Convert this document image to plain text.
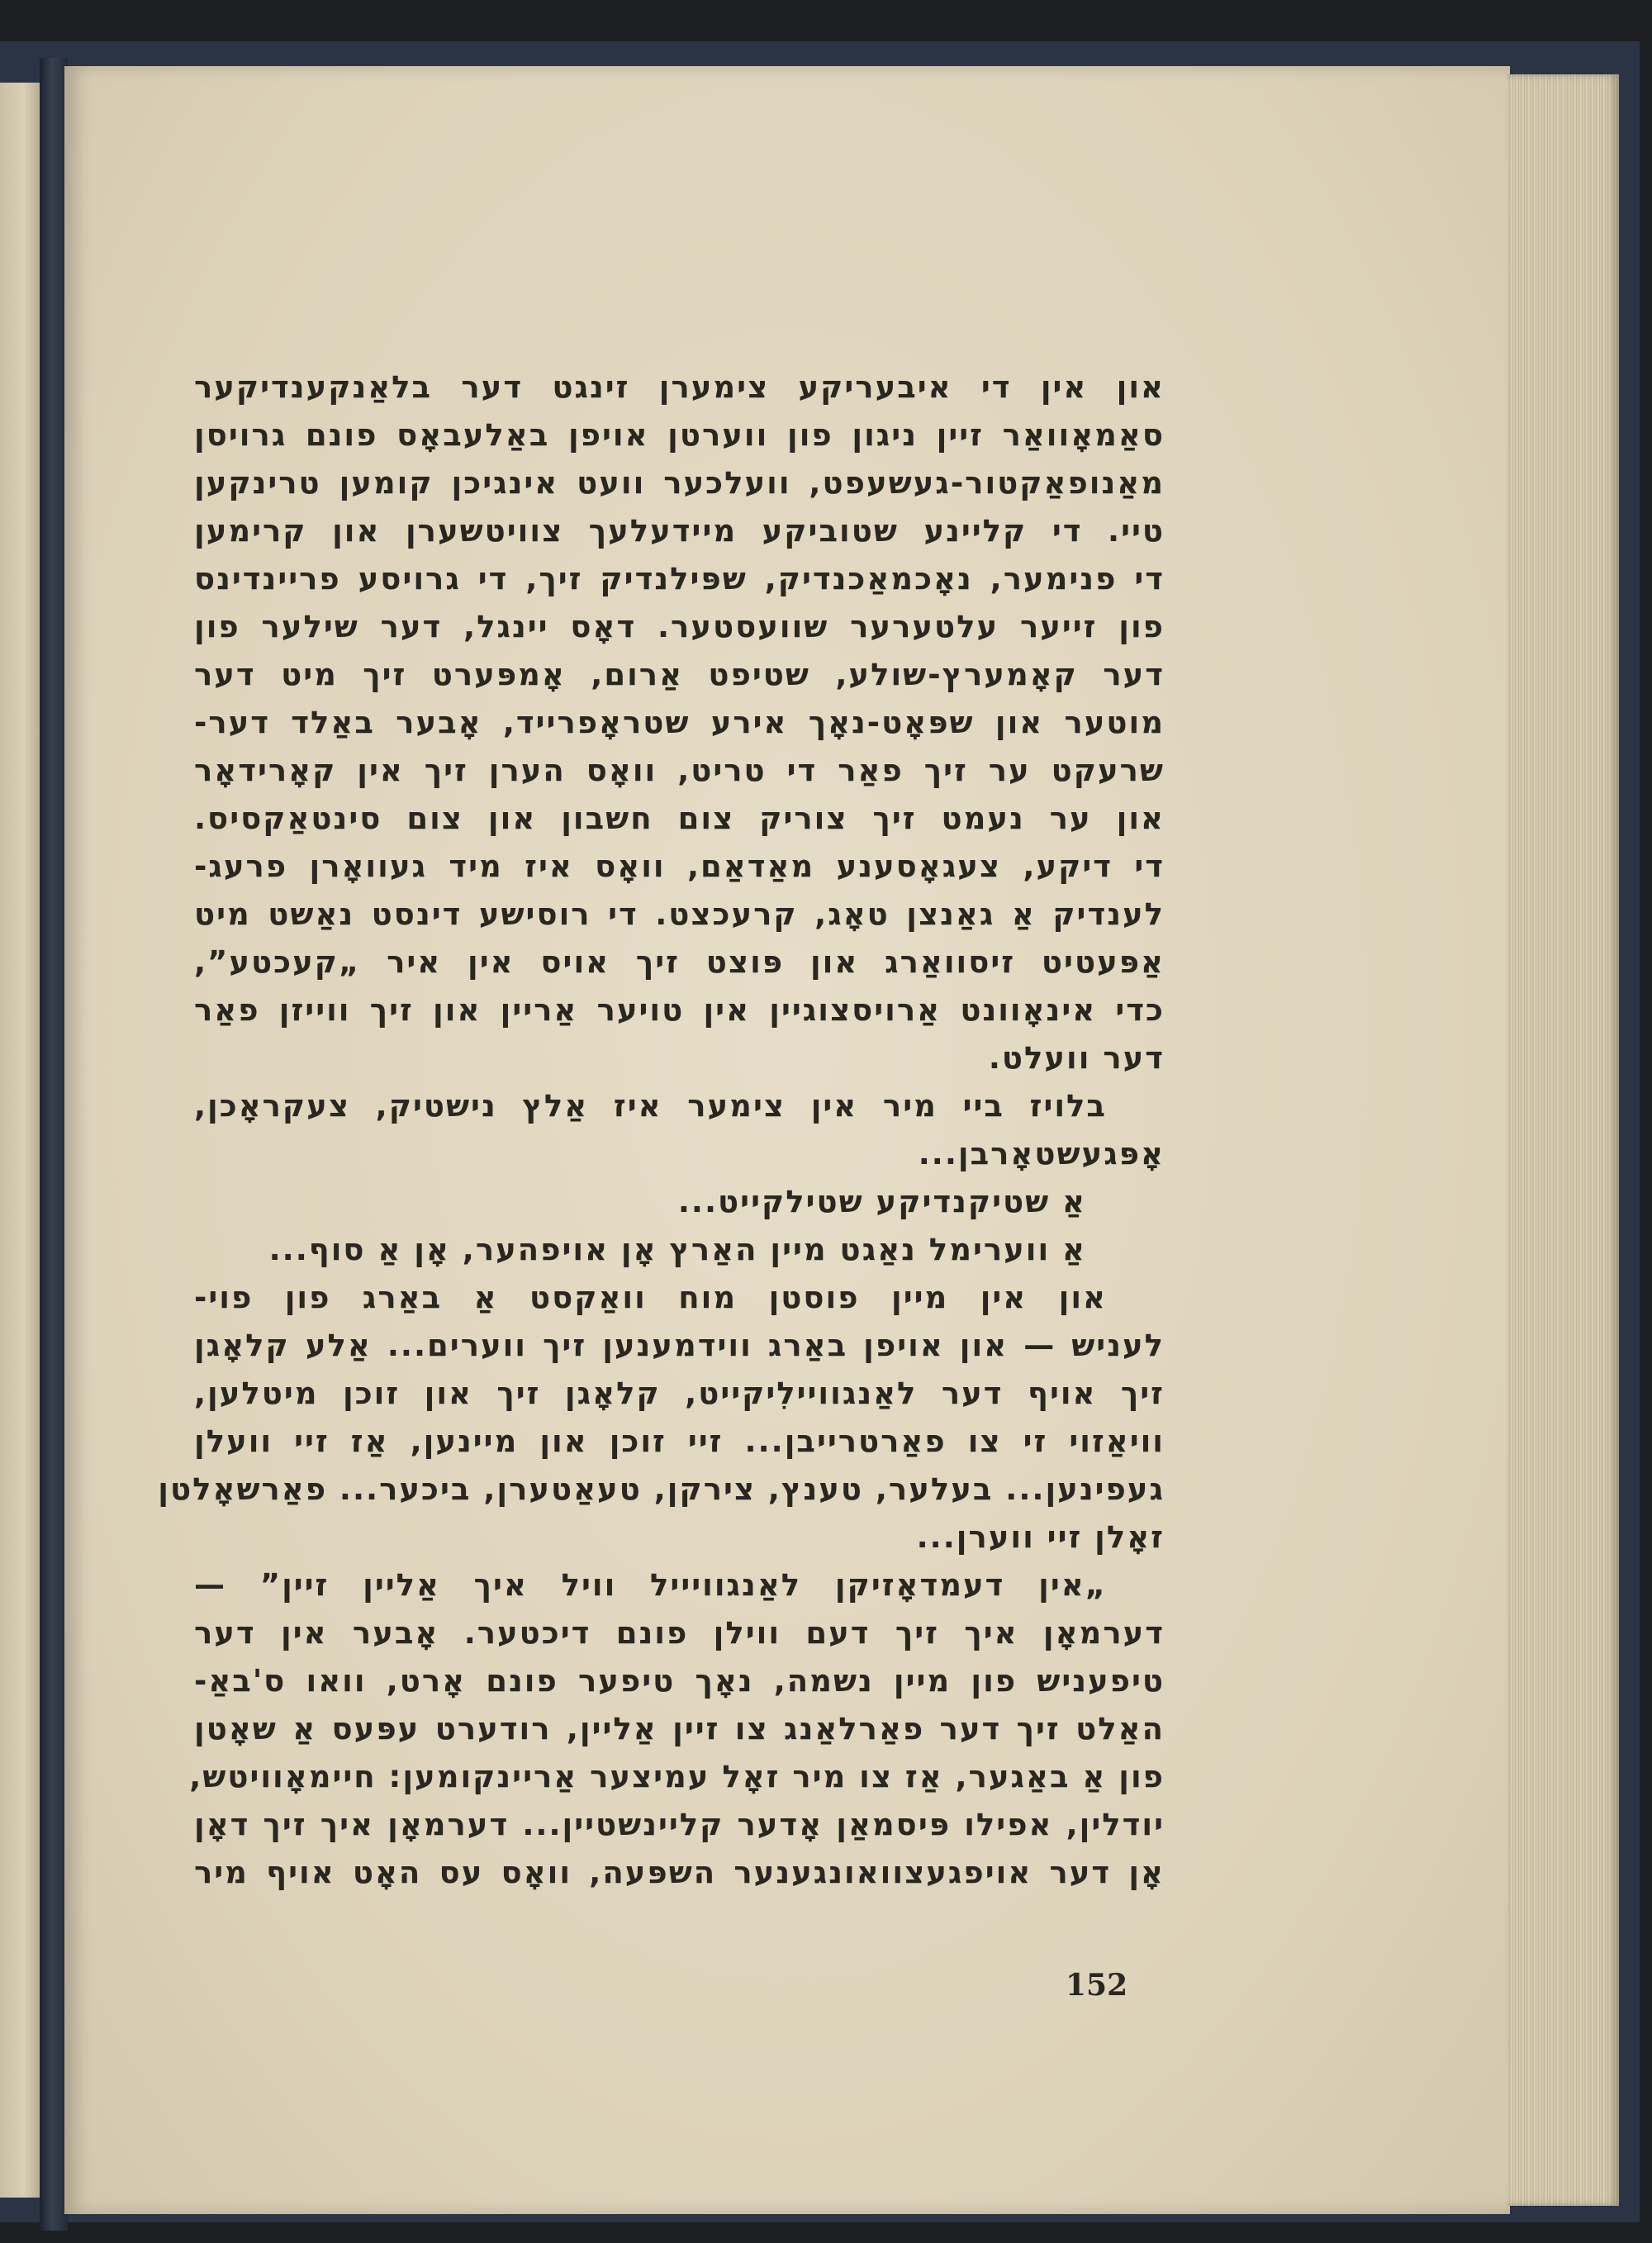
און אין די איבעריקע צימערן זינגט דער בלאַנקענדיקער
סאַמאָוואַר זיין ניגון פון ווערטן אויפן באַלעבאָס פונם גרויסן
מאַנופאַקטור-געשעפט, וועלכער וועט אינגיכן קומען טרינקען
טיי. די קליינע שטוביקע מיידעלעך צוויטשערן און קרימען
די פנימער, נאָכמאַכנדיק, שפּילנדיק זיך, די גרויסע פריינדינס
פון זייער עלטערער שוועסטער. דאָס יינגל, דער שילער פון
דער קאָמערץ-שולע, שטיפט אַרום, אָמפּערט זיך מיט דער
מוטער און שפּאָט-נאָך אירע שטראָפרייד, אָבער באַלד דער-
שרעקט ער זיך פאַר די טריט, וואָס הערן זיך אין קאָרידאָר
און ער נעמט זיך צוריק צום חשבון און צום סינטאַקסיס.
די דיקע, צעגאָסענע מאַדאַם, וואָס איז מיד געוואָרן פרעג-
לענדיק אַ גאַנצן טאָג, קרעכצט. די רוסישע דינסט נאַשט מיט
אַפּעטיט זיסוואַרג און פּוצט זיך אויס אין איר „קעכטע”,
כדי אינאָוונט אַרויסצוגיין אין טויער אַריין און זיך ווייזן פאַר
דער וועלט.
בלויז ביי מיר אין צימער איז אַלץ נישטיק, צעקראָכן,
אָפּגעשטאָרבן...
אַ שטיקנדיקע שטילקייט...
אַ ווערימל נאַגט מיין האַרץ אָן אויפהער, אָן אַ סוף...
און אין מיין פוסטן מוח וואַקסט אַ באַרג פון פוי-
לעניש — און אויפן באַרג ווידמענען זיך ווערים... אַלע קלאָגן
זיך אויף דער לאַנגוויילִיקייט, קלאָגן זיך און זוכן מיטלען,
וויאַזוי זי צו פאַרטרייבן... זיי זוכן און מיינען, אַז זיי וועלן
געפינען... בעלער, טענץ, צירקן, טעאַטערן, ביכער... פאַרשאָלטן
זאָלן זיי ווערן...
„אין דעמדאָזיקן לאַנגוויייל וויל איך אַליין זיין” —
דערמאָן איך זיך דעם ווילן פונם דיכטער. אָבער אין דער
טיפעניש פון מיין נשמה, נאָך טיפער פונם אָרט, וואו ס'באַ-
האַלט זיך דער פאַרלאַנג צו זיין אַליין, רודערט עפּעס אַ שאָטן
פון אַ באַגער, אַז צו מיר זאָל עמיצער אַריינקומען: חיימאָוויטש,
יודלין, אפילו פּיסמאַן אָדער קליינשטיין... דערמאָן איך זיך דאָן
אָן דער אויפגעצוואונגענער השפּעה, וואָס עס האָט אויף מיר
152
